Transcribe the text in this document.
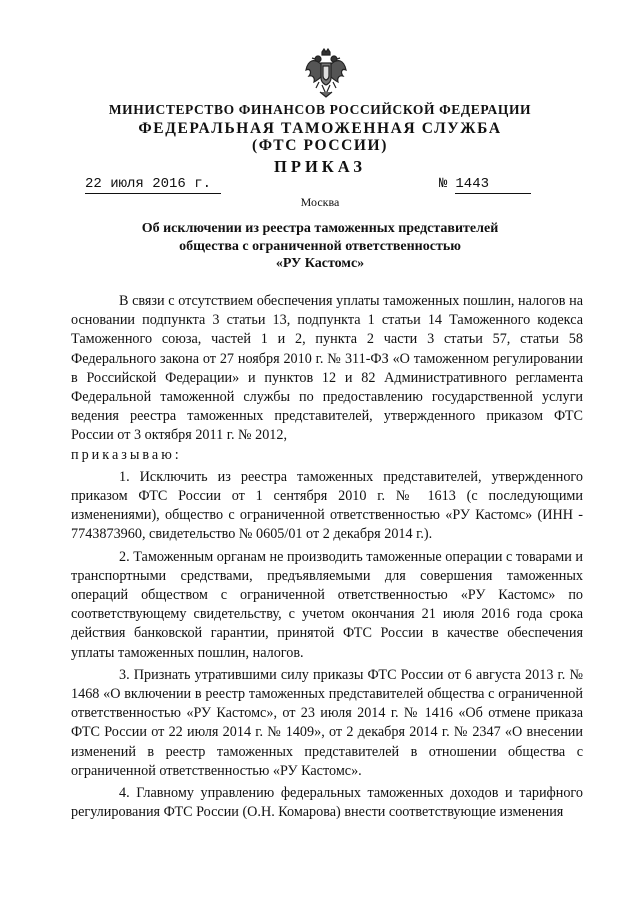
МИНИСТЕРСТВО ФИНАНСОВ РОССИЙСКОЙ ФЕДЕРАЦИИ
ФЕДЕРАЛЬНАЯ ТАМОЖЕННАЯ СЛУЖБА
(ФТС РОССИИ)
ПРИКАЗ
22 июля 2016 г.	№ 1443
Москва
Об исключении из реестра таможенных представителей
общества с ограниченной ответственностью
«РУ Кастомс»

В связи с отсутствием обеспечения уплаты таможенных пошлин, налогов на основании подпункта 3 статьи 13, подпункта 1 статьи 14 Таможенного кодекса Таможенного союза, частей 1 и 2, пункта 2 части 3 статьи 57, статьи 58 Федерального закона от 27 ноября 2010 г. № 311-ФЗ «О таможенном регулировании в Российской Федерации» и пунктов 12 и 82 Административного регламента Федеральной таможенной службы по предоставлению государственной услуги ведения реестра таможенных представителей, утвержденного приказом ФТС России от 3 октября 2011 г. № 2012,

приказываю:

1. Исключить из реестра таможенных представителей, утвержденного приказом ФТС России от 1 сентября 2010 г. № 1613 (с последующими изменениями), общество с ограниченной ответственностью «РУ Кастомс» (ИНН - 7743873960, свидетельство № 0605/01 от 2 декабря 2014 г.).

2. Таможенным органам не производить таможенные операции с товарами и транспортными средствами, предъявляемыми для совершения таможенных операций обществом с ограниченной ответственностью «РУ Кастомс» по соответствующему свидетельству, с учетом окончания 21 июля 2016 года срока действия банковской гарантии, принятой ФТС России в качестве обеспечения уплаты таможенных пошлин, налогов.

3. Признать утратившими силу приказы ФТС России от 6 августа 2013 г. № 1468 «О включении в реестр таможенных представителей общества с ограниченной ответственностью «РУ Кастомс», от 23 июля 2014 г. № 1416 «Об отмене приказа ФТС России от 22 июля 2014 г. № 1409», от 2 декабря 2014 г. № 2347 «О внесении изменений в реестр таможенных представителей в отношении общества с ограниченной ответственностью «РУ Кастомс».

4. Главному управлению федеральных таможенных доходов и тарифного регулирования ФТС России (О.Н. Комарова) внести соответствующие изменения
